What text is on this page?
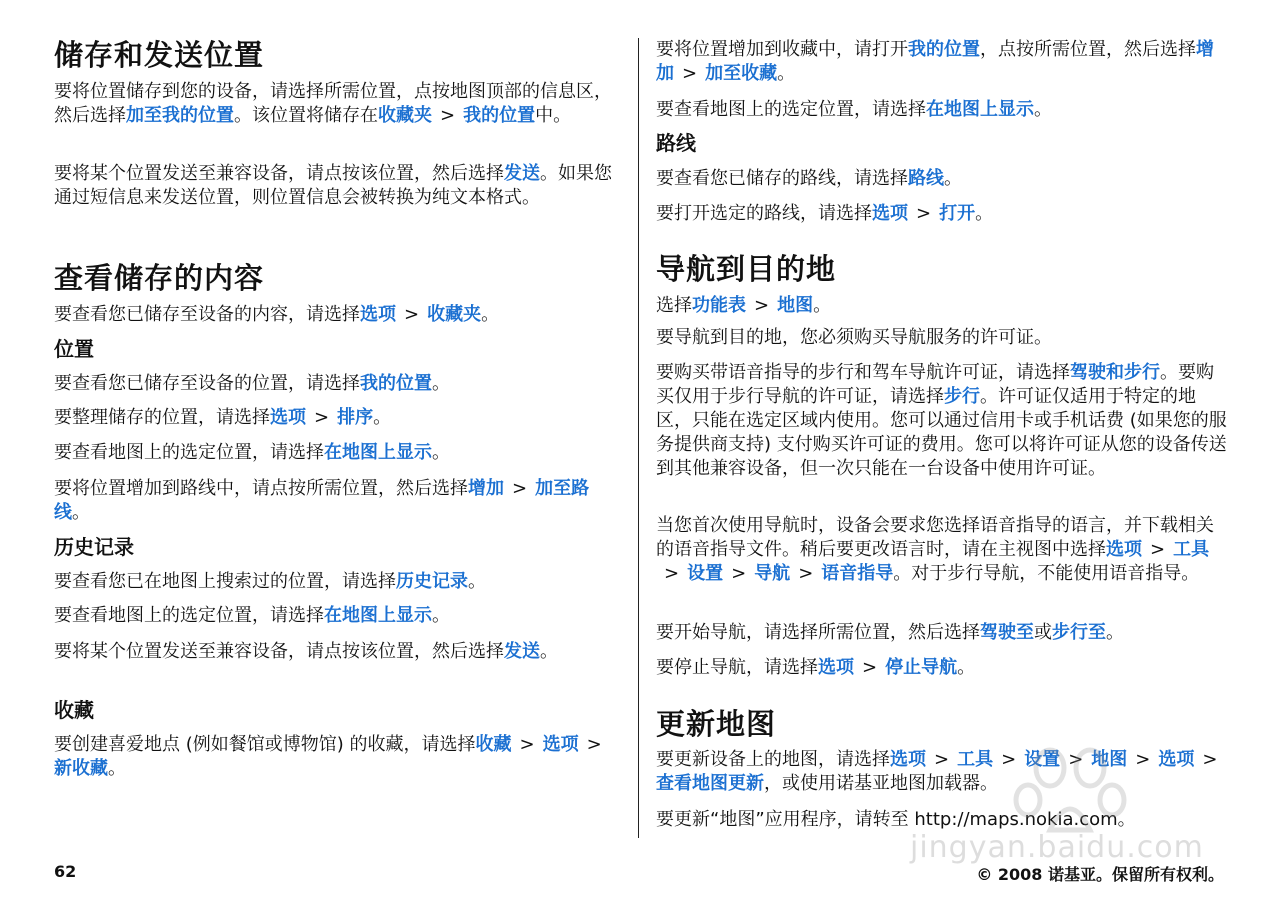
储存和发送位置

要将位置储存到您的设备，请选择所需位置，点按地图顶部的信息区，然后选择加至我的位置。该位置将储存在收藏夹 > 我的位置中。

要将某个位置发送至兼容设备，请点按该位置，然后选择发送。如果您通过短信息来发送位置，则位置信息会被转换为纯文本格式。

查看储存的内容

要查看您已储存至设备的内容，请选择选项 > 收藏夹。

位置

要查看您已储存至设备的位置，请选择我的位置。

要整理储存的位置，请选择选项 > 排序。

要查看地图上的选定位置，请选择在地图上显示。

要将位置增加到路线中，请点按所需位置，然后选择增加 > 加至路线。

历史记录

要查看您已在地图上搜索过的位置，请选择历史记录。

要查看地图上的选定位置，请选择在地图上显示。

要将某个位置发送至兼容设备，请点按该位置，然后选择发送。

收藏

要创建喜爱地点 (例如餐馆或博物馆) 的收藏，请选择收藏 > 选项 >新收藏。

要将位置增加到收藏中，请打开我的位置，点按所需位置，然后选择增加 > 加至收藏。

要查看地图上的选定位置，请选择在地图上显示。

路线

要查看您已储存的路线，请选择路线。

要打开选定的路线，请选择选项 > 打开。

导航到目的地

选择功能表 > 地图。

要导航到目的地，您必须购买导航服务的许可证。

要购买带语音指导的步行和驾车导航许可证，请选择驾驶和步行。要购买仅用于步行导航的许可证，请选择步行。许可证仅适用于特定的地区，只能在选定区域内使用。您可以通过信用卡或手机话费 (如果您的服务提供商支持) 支付购买许可证的费用。您可以将许可证从您的设备传送到其他兼容设备，但一次只能在一台设备中使用许可证。

当您首次使用导航时，设备会要求您选择语音指导的语言，并下载相关的语音指导文件。稍后要更改语言时，请在主视图中选择选项 > 工具> 设置 > 导航 > 语音指导。对于步行导航，不能使用语音指导。

要开始导航，请选择所需位置，然后选择驾驶至或步行至。

要停止导航，请选择选项 > 停止导航。

更新地图

要更新设备上的地图，请选择选项 > 工具 > 设置 > 地图 > 选项 >查看地图更新，或使用诺基亚地图加载器。

要更新“地图”应用程序，请转至 http://maps.nokia.com。

62	© 2008 诺基亚。保留所有权利。
jingyan.baidu.com
